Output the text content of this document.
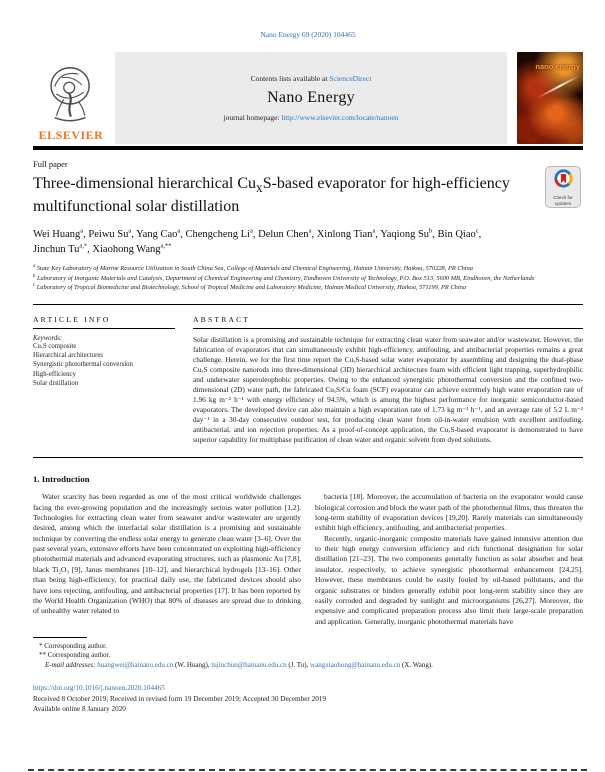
Nano Energy 69 (2020) 104465
ELSEVIER
Contents lists available at ScienceDirect
Nano Energy
journal homepage: http://www.elsevier.com/locate/nanoen
nano energy
Full paper
Three-dimensional hierarchical $Cu_xS$-based evaporator for high-efficiency multifunctional solar distillation
Check for
updates
Wei Huang$^a$, Peiwu Su$^a$, Yang Cao$^a$, Chengcheng Li$^a$, Delun Chen$^a$, Xinlong Tian$^a$, Yaqiong Su$^b$, Bin Qiao$^c$, Jinchun $Tu^{a,*}$, Xiaohong Wang$^{a,**}$
$^a$ State Key Laboratory of Marine Resource Utilization in South China Sea, College of Materials and Chemical Engineering, Hainan University, Haikou, 570228, PR China
$^b$ Laboratory of Inorganic Materials and Catalysis, Department of Chemical Engineering and Chemistry, Eindhoven University of Technology, P.O. Box 513, 5600 MB, Eindhoven, the Netherlands
$^c$ Laboratory of Tropical Biomedicine and Biotechnology, School of Tropical Medicine and Laboratory Medicine, Hainan Medical University, Haikou, 571199, PR China
ARTICLE INFO
Keywords:
CuₓS composite
Hierarchical architectures
Synergistic photothermal conversion
High-efficiency
Solar distillation
ABSTRACT
Solar distillation is a promising and sustainable technique for extracting clean water from seawater and/or wastewater. However, the fabrication of evaporators that can simultaneously exhibit high-efficiency, antifouling, and antibacterial properties remains a great challenge. Herein, we for the first time report the CuₓS-based solar water evaporator by assembling and designing the dual-phase CuₓS composite nanorods into three-dimensional (3D) hierarchical architecture foam with efficient light trapping, superhydrophilic and underwater superoleophobic properties. Owing to the enhanced synergistic photothermal conversion and the confined two-dimensional (2D) water path, the fabricated CuₓS/Cu foam (SCF) evaporator can achieve extremely high water evaporation rate of 1.96 kg m⁻² h⁻¹ with energy efficiency of 94.5%, which is among the highest performance for inorganic semiconductor-based evaporators. The developed device can also maintain a high evaporation rate of 1.73 kg m⁻² h⁻¹, and an average rate of 5.2 L m⁻² day⁻¹ in a 30-day consecutive outdoor test, for producing clean water from oil-in-water emulsion with excellent antifouling, antibacterial, and ion rejection properties. As a proof-of-concept application, the CuₓS-based evaporator is demonstrated to have superior capability for multiphase purification of clean water and organic solvent from dyed solutions.
1. Introduction

Water scarcity has been regarded as one of the most critical worldwide challenges facing the ever-growing population and the increasingly serious water pollution [1,2]. Technologies for extracting clean water from seawater and/or wastewater are urgently desired, among which the interfacial solar distillation is a promising and sustainable technique by converting the endless solar energy to generate clean water [3–6]. Over the past several years, extensive efforts have been concentrated on exploiting high-efficiency photothermal materials and advanced evaporating structures, such as plasmonic Au [7,8], black Ti₂O₃ [9], Janus membranes [10–12], and hierarchical hydrogels [13–16]. Other than being high-efficiency, for practical daily use, the fabricated devices should also have ions rejecting, antifouling, and antibacterial properties [17]. It has been reported by the World Health Organization (WHO) that 80% of diseases are spread due to drinking of unhealthy water related to

bacteria [18]. Moreover, the accumulation of bacteria on the evaporator would cause biological corrosion and block the water path of the photothermal films, thus threaten the long-term stability of evaporation devices [19,20]. Rarely materials can simultaneously exhibit high efficiency, antifouling, and antibacterial properties.

Recently, organic-inorganic composite materials have gained intensive attention due to their high energy conversion efficiency and rich functional designation for solar distillation [21–23]. The two components generally function as solar absorber and heat insulator, respectively, to achieve synergistic photothermal enhancement [24,25]. However, these membranes could be easily fouled by oil-based pollutants, and the organic substrates or binders generally exhibit poor long-term stability since they are easily corroded and degraded by sunlight and microorganisms [26,27]. Moreover, the expensive and complicated preparation process also limit their large-scale preparation and application. Generally, inorganic photothermal materials have

* Corresponding author.
** Corresponding author.
E-mail addresses: huangwei@hainanu.edu.cn (W. Huang), tujinchun@hainanu.edu.cn (J. Tu), wangxiaohong@hainanu.edu.cn (X. Wang).
https://doi.org/10.1016/j.nanoen.2020.104465
Received 8 October 2019; Received in revised form 19 December 2019; Accepted 30 December 2019
Available online 8 January 2020
